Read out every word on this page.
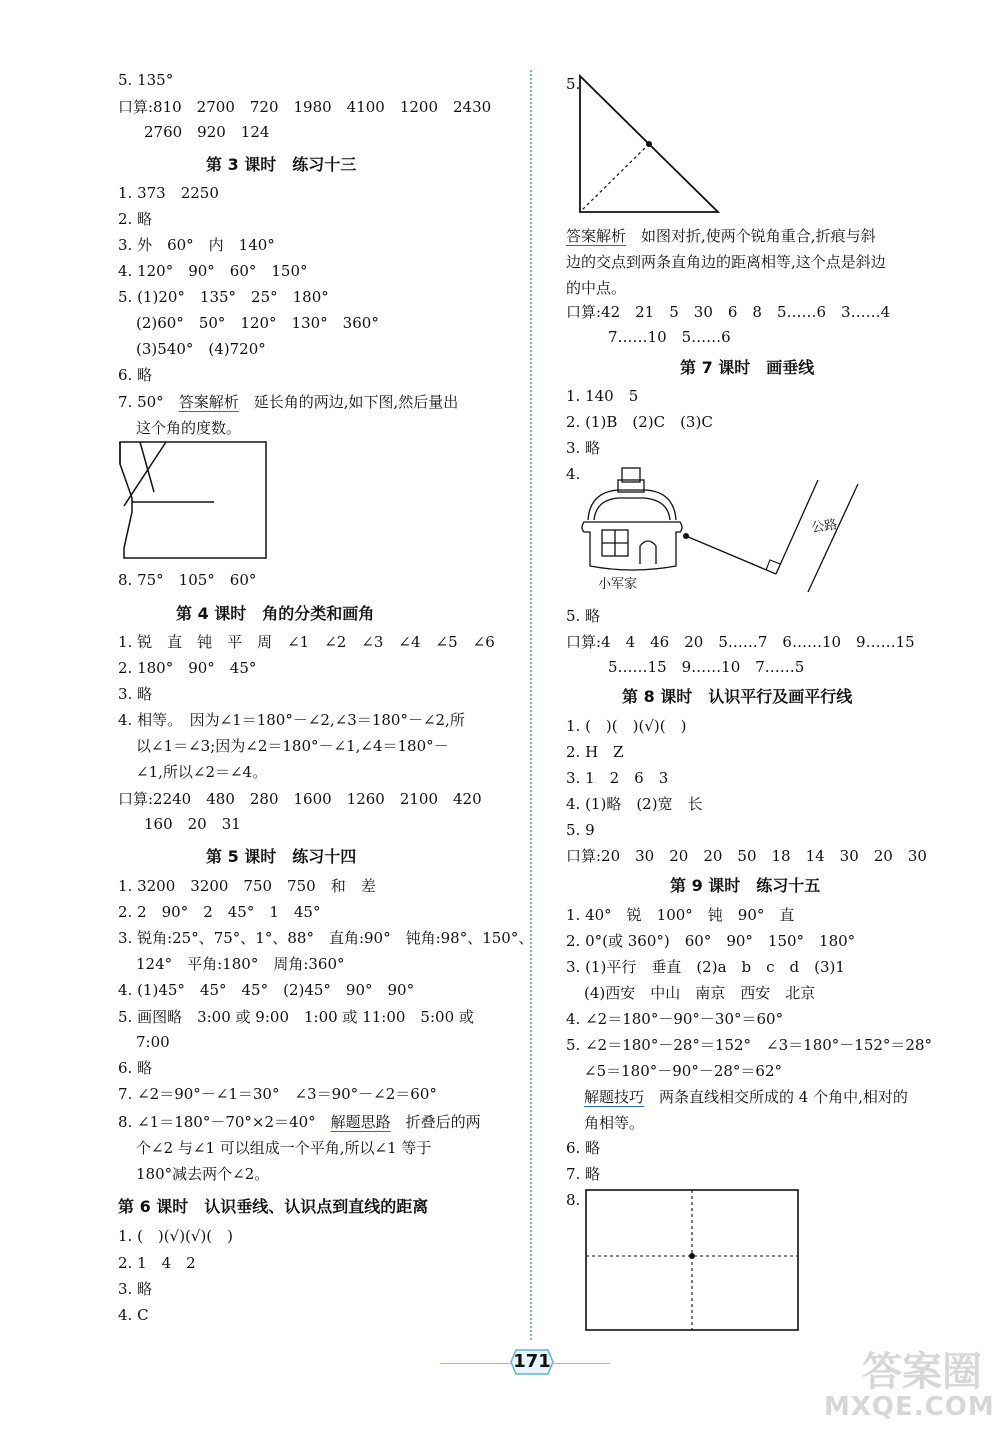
5. 135°
口算:810　2700　720　1980　4100　1200　2430
2760　920　124
第 3 课时　练习十三
1. 373　2250
2. 略
3. 外　60°　内　140°
4. 120°　90°　60°　150°
5. (1)20°　135°　25°　180°
(2)60°　50°　120°　130°　360°
(3)540°　(4)720°
6. 略
7. 50°　 答案解析　 延长角的两边,如下图,然后量出
这个角的度数。
8. 75°　105°　60°
第 4 课时　角的分类和画角
1. 锐　直　钝　平　周　∠1　∠2　∠3　∠4　∠5　∠6
2. 180°　90°　45°
3. 略
4. 相等。　因为∠1＝180°－∠2,∠3＝180°－∠2,所
以∠1＝∠3;因为∠2＝180°－∠1,∠4＝180°－
∠1,所以∠2＝∠4。
口算:2240　480　280　1600　1260　2100　420
160　20　31
第 5 课时　练习十四
1. 3200　3200　750　750　和　差
2. 2　90°　2　45°　1　45°
3. 锐角:25°、75°、1°、88°　直角:90°　钝角:98°、150°、
124°　平角:180°　周角:360°
4. (1)45°　45°　45°　(2)45°　90°　90°
5. 画图略　3:00 或 9:00　1:00 或 11:00　5:00 或
7:00
6. 略
7. ∠2＝90°－∠1＝30°　∠3＝90°－∠2＝60°
8. ∠1＝180°－70°×2＝40°　 解题思路　 折叠后的两
个∠2 与∠1 可以组成一个平角,所以∠1 等于
180°减去两个∠2。
第 6 课时　认识垂线、认识点到直线的距离
1. (　)(√)(√)(　)
2. 1　4　2
3. 略
4. C
5.
答案解析　 如图对折,使两个锐角重合,折痕与斜
边的交点到两条直角边的距离相等,这个点是斜边
的中点。
口算:42　21　5　30　6　8　5……6　3……4
7……10　5……6
第 7 课时　画垂线
1. 140　5
2. (1)B　(2)C　(3)C
3. 略
4.
小军家
公路
5. 略
口算:4　4　46　20　5……7　6……10　9……15
5……15　9……10　7……5
第 8 课时　认识平行及画平行线
1. (　)(　)(√)(　)
2. H　Z
3. 1　2　6　3
4. (1)略　(2)宽　长
5. 9
口算:20　30　20　20　50　18　14　30　20　30
第 9 课时　练习十五
1. 40°　锐　100°　钝　90°　直
2. 0°(或 360°)　60°　90°　150°　180°
3. (1)平行　垂直　(2)a　b　c　d　(3)1
(4)西安　中山　南京　西安　北京
4. ∠2＝180°－90°－30°＝60°
5. ∠2＝180°－28°＝152°　∠3＝180°－152°＝28°
∠5＝180°－90°－28°＝62°
解题技巧　 两条直线相交所成的 4 个角中,相对的
角相等。
6. 略
7. 略
8.
171	答案圈
MXQE.COM
